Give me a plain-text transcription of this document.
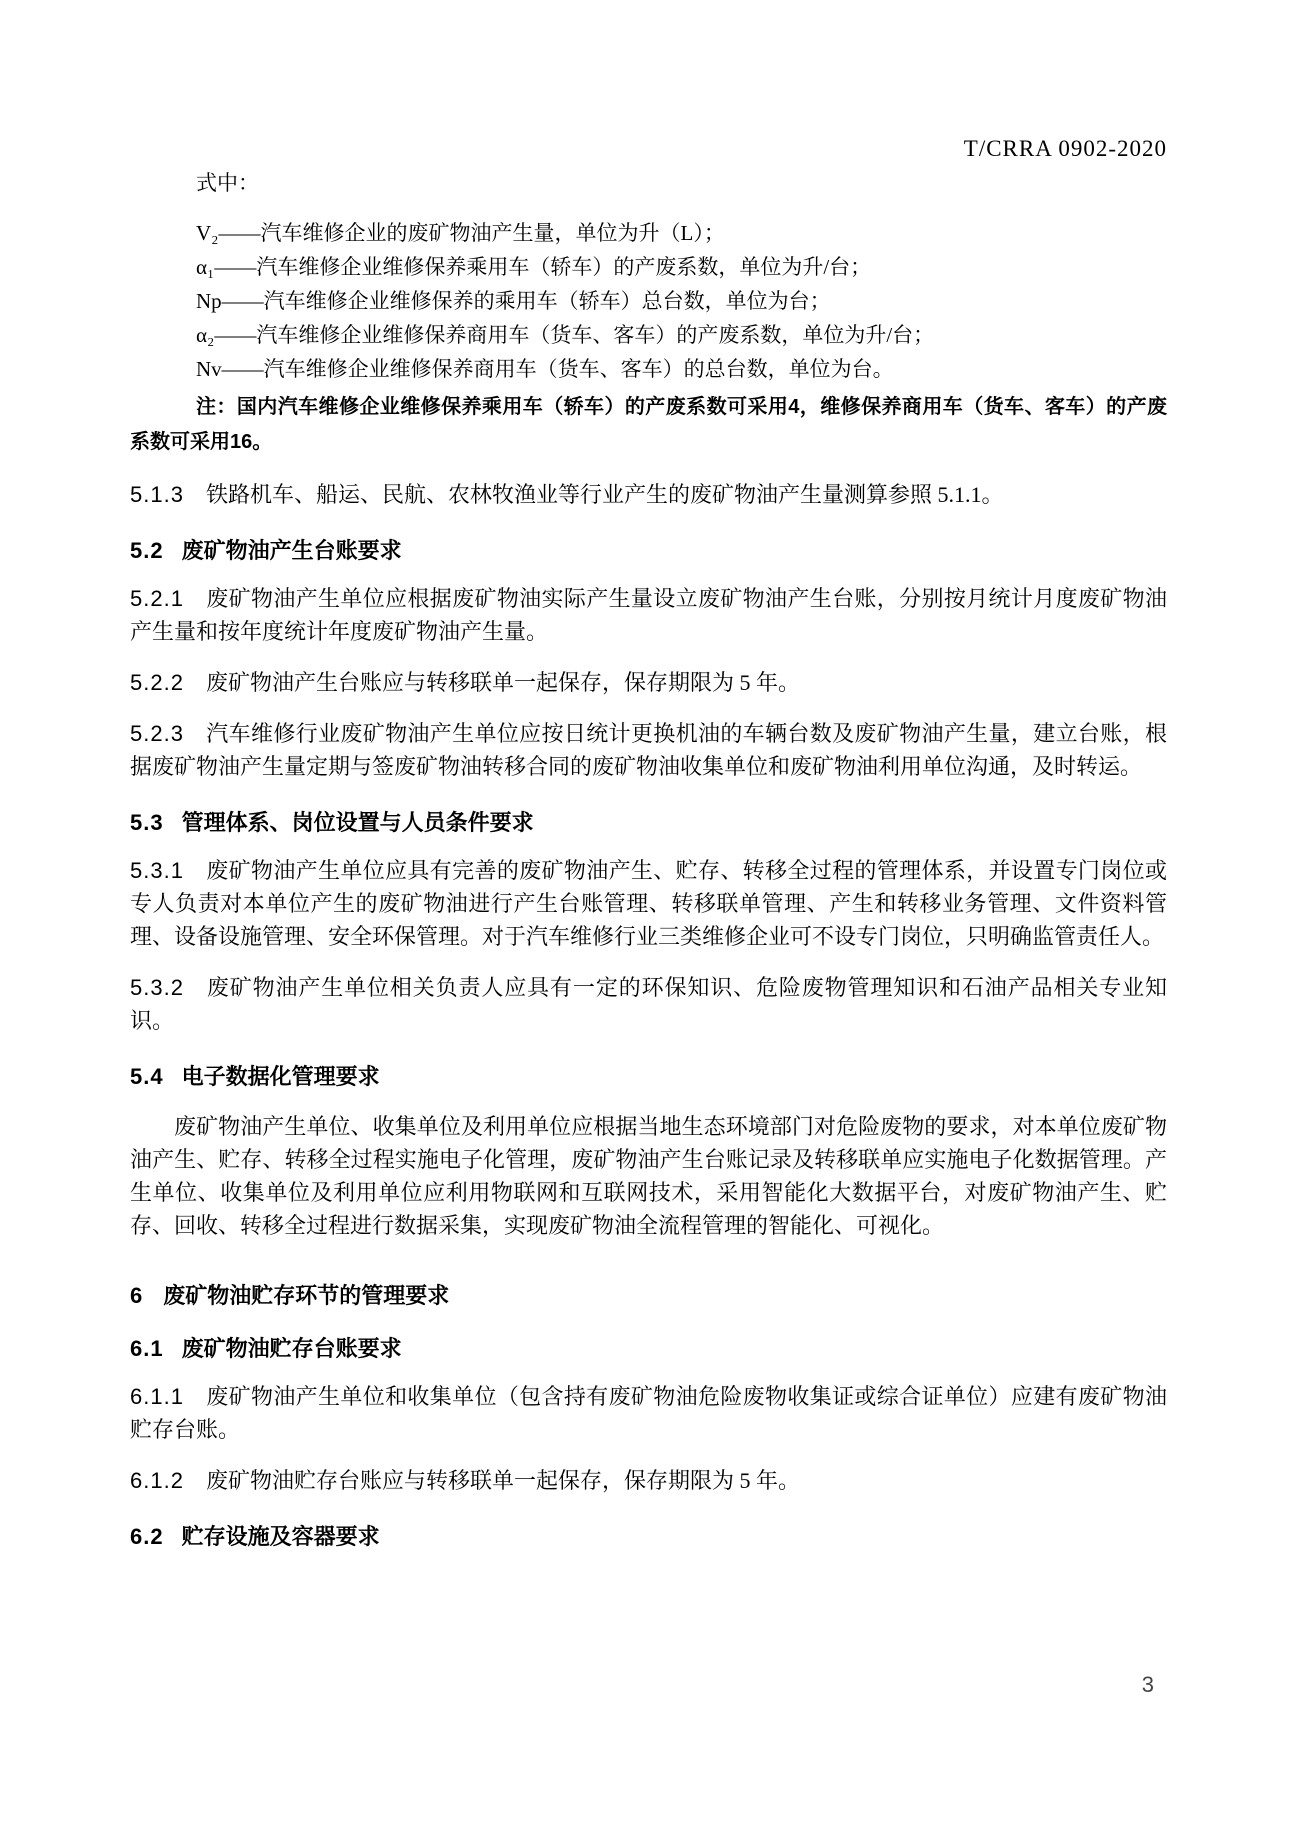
T/CRRA 0902-2020

式中：

V₂——汽车维修企业的废矿物油产生量，单位为升（L）；

α₁——汽车维修企业维修保养乘用车（轿车）的产废系数，单位为升/台；

Np——汽车维修企业维修保养的乘用车（轿车）总台数，单位为台；

α₂——汽车维修企业维修保养商用车（货车、客车）的产废系数，单位为升/台；

Nv——汽车维修企业维修保养商用车（货车、客车）的总台数，单位为台。

注：国内汽车维修企业维修保养乘用车（轿车）的产废系数可采用4，维修保养商用车（货车、客车）的产废系数可采用16。

5.1.3 铁路机车、船运、民航、农林牧渔业等行业产生的废矿物油产生量测算参照 5.1.1。

5.2 废矿物油产生台账要求

5.2.1 废矿物油产生单位应根据废矿物油实际产生量设立废矿物油产生台账，分别按月统计月度废矿物油产生量和按年度统计年度废矿物油产生量。

5.2.2 废矿物油产生台账应与转移联单一起保存，保存期限为 5 年。

5.2.3 汽车维修行业废矿物油产生单位应按日统计更换机油的车辆台数及废矿物油产生量，建立台账，根据废矿物油产生量定期与签废矿物油转移合同的废矿物油收集单位和废矿物油利用单位沟通，及时转运。

5.3 管理体系、岗位设置与人员条件要求

5.3.1 废矿物油产生单位应具有完善的废矿物油产生、贮存、转移全过程的管理体系，并设置专门岗位或专人负责对本单位产生的废矿物油进行产生台账管理、转移联单管理、产生和转移业务管理、文件资料管理、设备设施管理、安全环保管理。对于汽车维修行业三类维修企业可不设专门岗位，只明确监管责任人。

5.3.2 废矿物油产生单位相关负责人应具有一定的环保知识、危险废物管理知识和石油产品相关专业知识。

5.4 电子数据化管理要求

废矿物油产生单位、收集单位及利用单位应根据当地生态环境部门对危险废物的要求，对本单位废矿物油产生、贮存、转移全过程实施电子化管理，废矿物油产生台账记录及转移联单应实施电子化数据管理。产生单位、收集单位及利用单位应利用物联网和互联网技术，采用智能化大数据平台，对废矿物油产生、贮存、回收、转移全过程进行数据采集，实现废矿物油全流程管理的智能化、可视化。

6 废矿物油贮存环节的管理要求
6.1 废矿物油贮存台账要求

6.1.1 废矿物油产生单位和收集单位（包含持有废矿物油危险废物收集证或综合证单位）应建有废矿物油贮存台账。

6.1.2 废矿物油贮存台账应与转移联单一起保存，保存期限为 5 年。

6.2 贮存设施及容器要求
3
